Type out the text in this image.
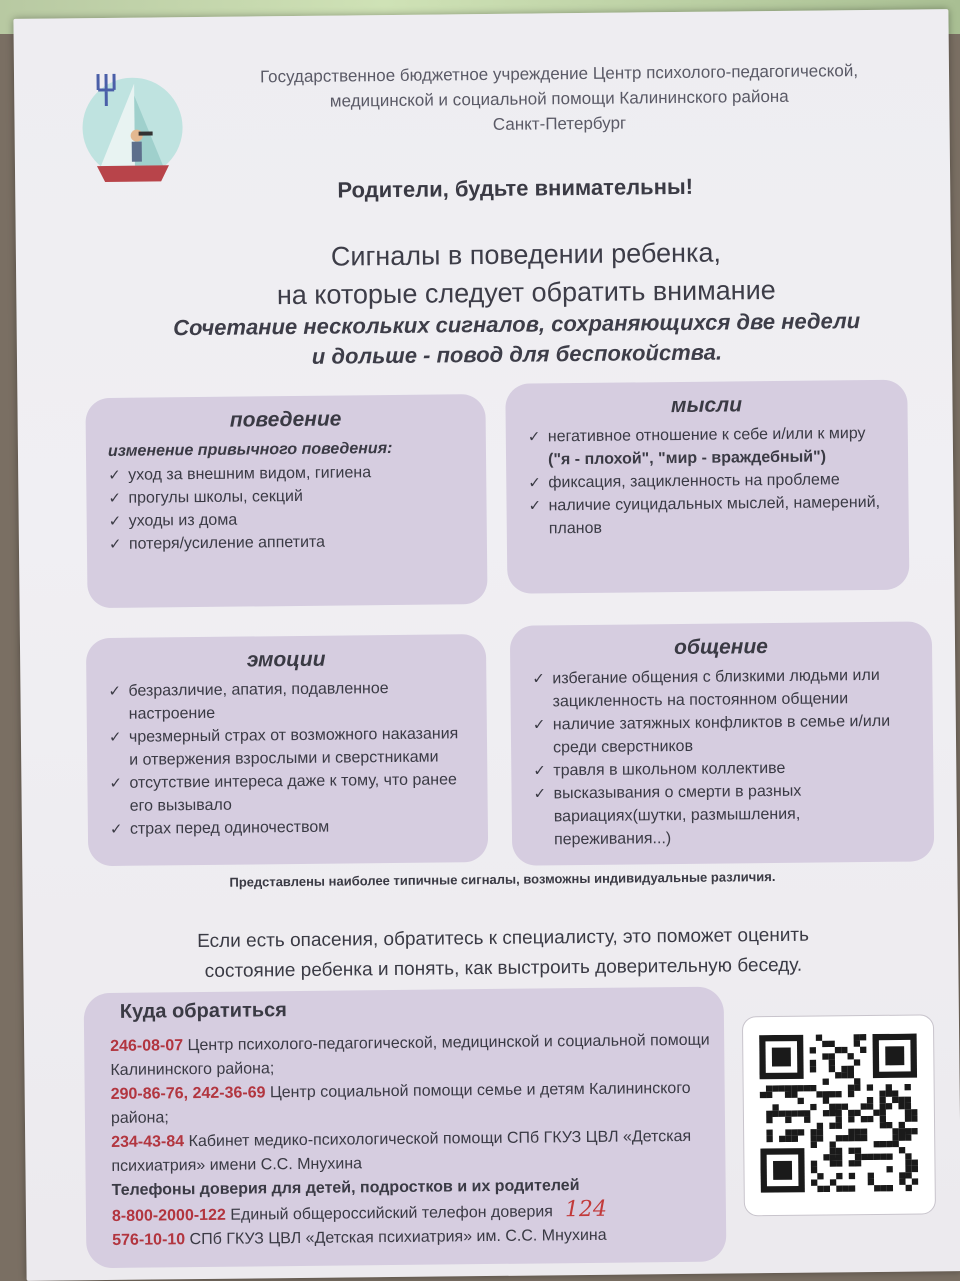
Государственное бюджетное учреждение Центр психолого-педагогической,
медицинской и социальной помощи Калининского района
Санкт-Петербург
Родители, будьте внимательны!
Сигналы в поведении ребенка,
на которые следует обратить внимание
Сочетание нескольких сигналов, сохраняющихся две недели
и дольше - повод для беспокойства.
поведение
изменение привычного поведения:
✓ уход за внешним видом, гигиена
✓ прогулы школы, секций
✓ уходы из дома
✓ потеря/усиление аппетита
мысли
✓ негативное отношение к себе и/или к миру ("я - плохой", "мир - враждебный")
✓ фиксация, зацикленность на проблеме
✓ наличие суицидальных мыслей, намерений, планов
эмоции
✓ безразличие, апатия, подавленное настроение
✓ чрезмерный страх от возможного наказания и отвержения взрослыми и сверстниками
✓ отсутствие интереса даже к тому, что ранее его вызывало
✓ страх перед одиночеством
общение
✓ избегание общения с близкими людьми или зацикленность на постоянном общении
✓ наличие затяжных конфликтов в семье и/или среди сверстников
✓ травля в школьном коллективе
✓ высказывания о смерти в разных вариациях(шутки, размышления, переживания...)
Представлены наиболее типичные сигналы, возможны индивидуальные различия.
Если есть опасения, обратитесь к специалисту, это поможет оценить
состояние ребенка и понять, как выстроить доверительную беседу.
Куда обратиться
246-08-07 Центр психолого-педагогической, медицинской и социальной помощи Калининского района;
290-86-76, 242-36-69 Центр социальной помощи семье и детям Калининского района;
234-43-84 Кабинет медико-психологической помощи СПб ГКУЗ ЦВЛ «Детская психиатрия» имени С.С. Мнухина
Телефоны доверия для детей, подростков и их родителей
8-800-2000-122 Единый общероссийский телефон доверия 124
576-10-10 СПб ГКУЗ ЦВЛ «Детская психиатрия» им. С.С. Мнухина
